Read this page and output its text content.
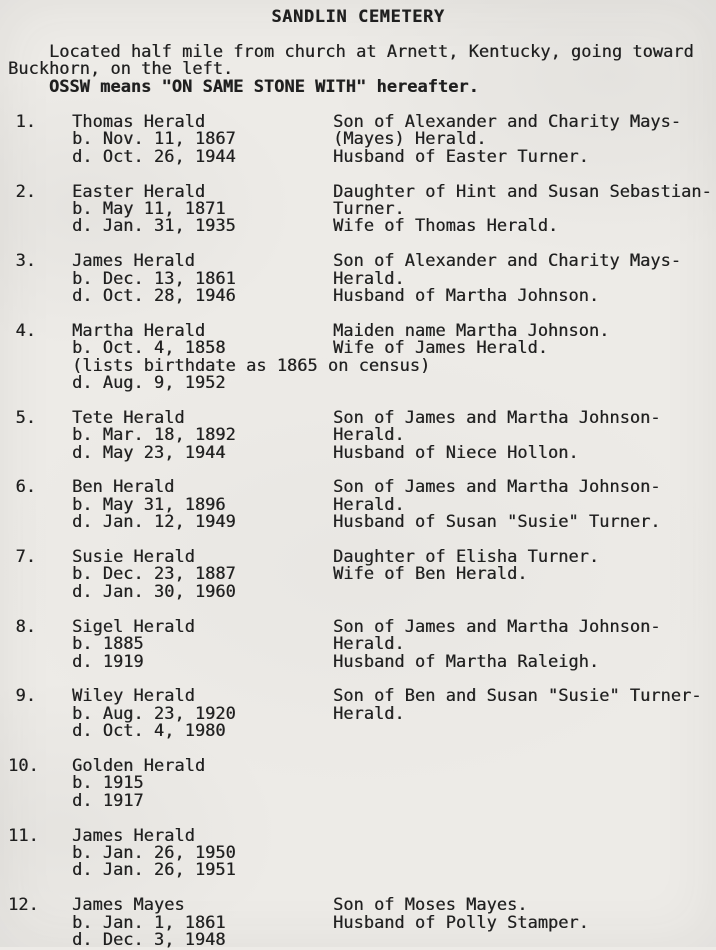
SANDLIN CEMETERY
Located half mile from church at Arnett, Kentucky, going toward
Buckhorn, on the left.
OSSW means "ON SAME STONE WITH" hereafter.
1. Thomas Herald
b. Nov. 11, 1867
d. Oct. 26, 1944
Son of Alexander and Charity Mays-
(Mayes) Herald.
Husband of Easter Turner.
2. Easter Herald
b. May 11, 1871
d. Jan. 31, 1935
Daughter of Hint and Susan Sebastian-
Turner.
Wife of Thomas Herald.
3. James Herald
b. Dec. 13, 1861
d. Oct. 28, 1946
Son of Alexander and Charity Mays-
Herald.
Husband of Martha Johnson.
4. Martha Herald
b. Oct. 4, 1858
(lists birthdate as 1865 on census)
d. Aug. 9, 1952
Maiden name Martha Johnson.
Wife of James Herald.
5. Tete Herald
b. Mar. 18, 1892
d. May 23, 1944
Son of James and Martha Johnson-
Herald.
Husband of Niece Hollon.
6. Ben Herald
b. May 31, 1896
d. Jan. 12, 1949
Son of James and Martha Johnson-
Herald.
Husband of Susan "Susie" Turner.
7. Susie Herald
b. Dec. 23, 1887
d. Jan. 30, 1960
Daughter of Elisha Turner.
Wife of Ben Herald.
8. Sigel Herald
b. 1885
d. 1919
Son of James and Martha Johnson-
Herald.
Husband of Martha Raleigh.
9. Wiley Herald
b. Aug. 23, 1920
d. Oct. 4, 1980
Son of Ben and Susan "Susie" Turner-
Herald.
10. Golden Herald
b. 1915
d. 1917
11. James Herald
b. Jan. 26, 1950
d. Jan. 26, 1951
12. James Mayes
b. Jan. 1, 1861
d. Dec. 3, 1948
Son of Moses Mayes.
Husband of Polly Stamper.
